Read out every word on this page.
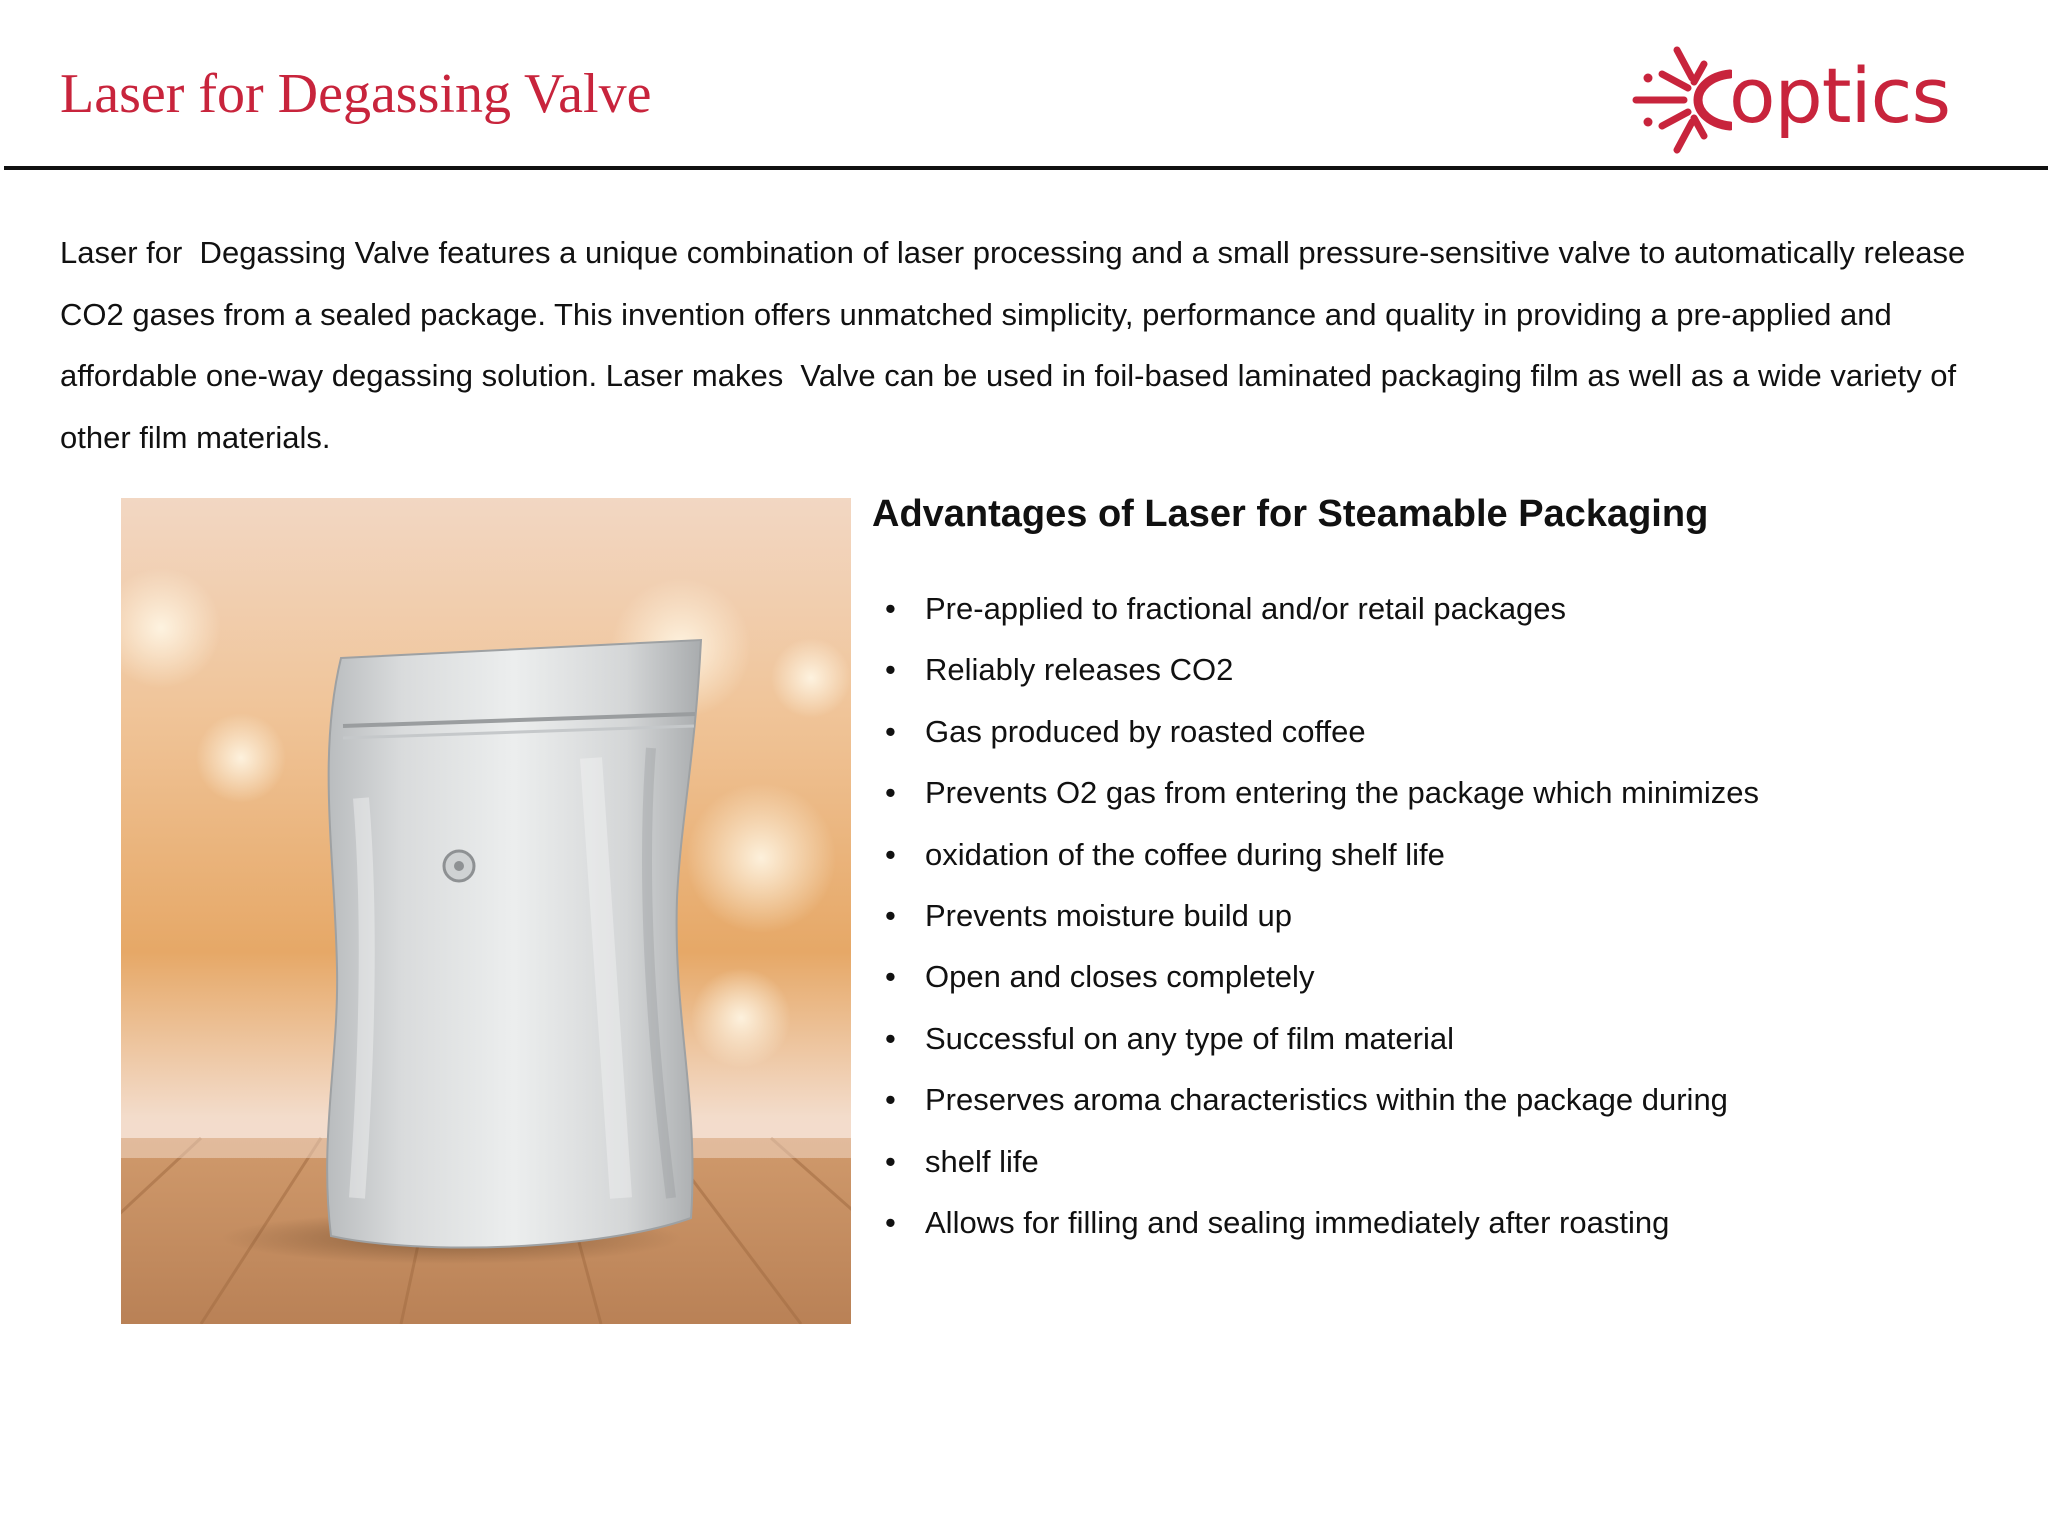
Laser for Degassing Valve	optics

Laser for  Degassing Valve features a unique combination of laser processing and a small pressure-sensitive valve to automatically release CO2 gases from a sealed package. This invention offers unmatched simplicity, performance and quality in providing a pre-applied and affordable one-way degassing solution. Laser makes  Valve can be used in foil-based laminated packaging film as well as a wide variety of other film materials.

Advantages of Laser for Steamable Packaging
• Pre-applied to fractional and/or retail packages
• Reliably releases CO2
• Gas produced by roasted coffee
• Prevents O2 gas from entering the package which minimizes
• oxidation of the coffee during shelf life
• Prevents moisture build up
• Open and closes completely
• Successful on any type of film material
• Preserves aroma characteristics within the package during
• shelf life
• Allows for filling and sealing immediately after roasting
